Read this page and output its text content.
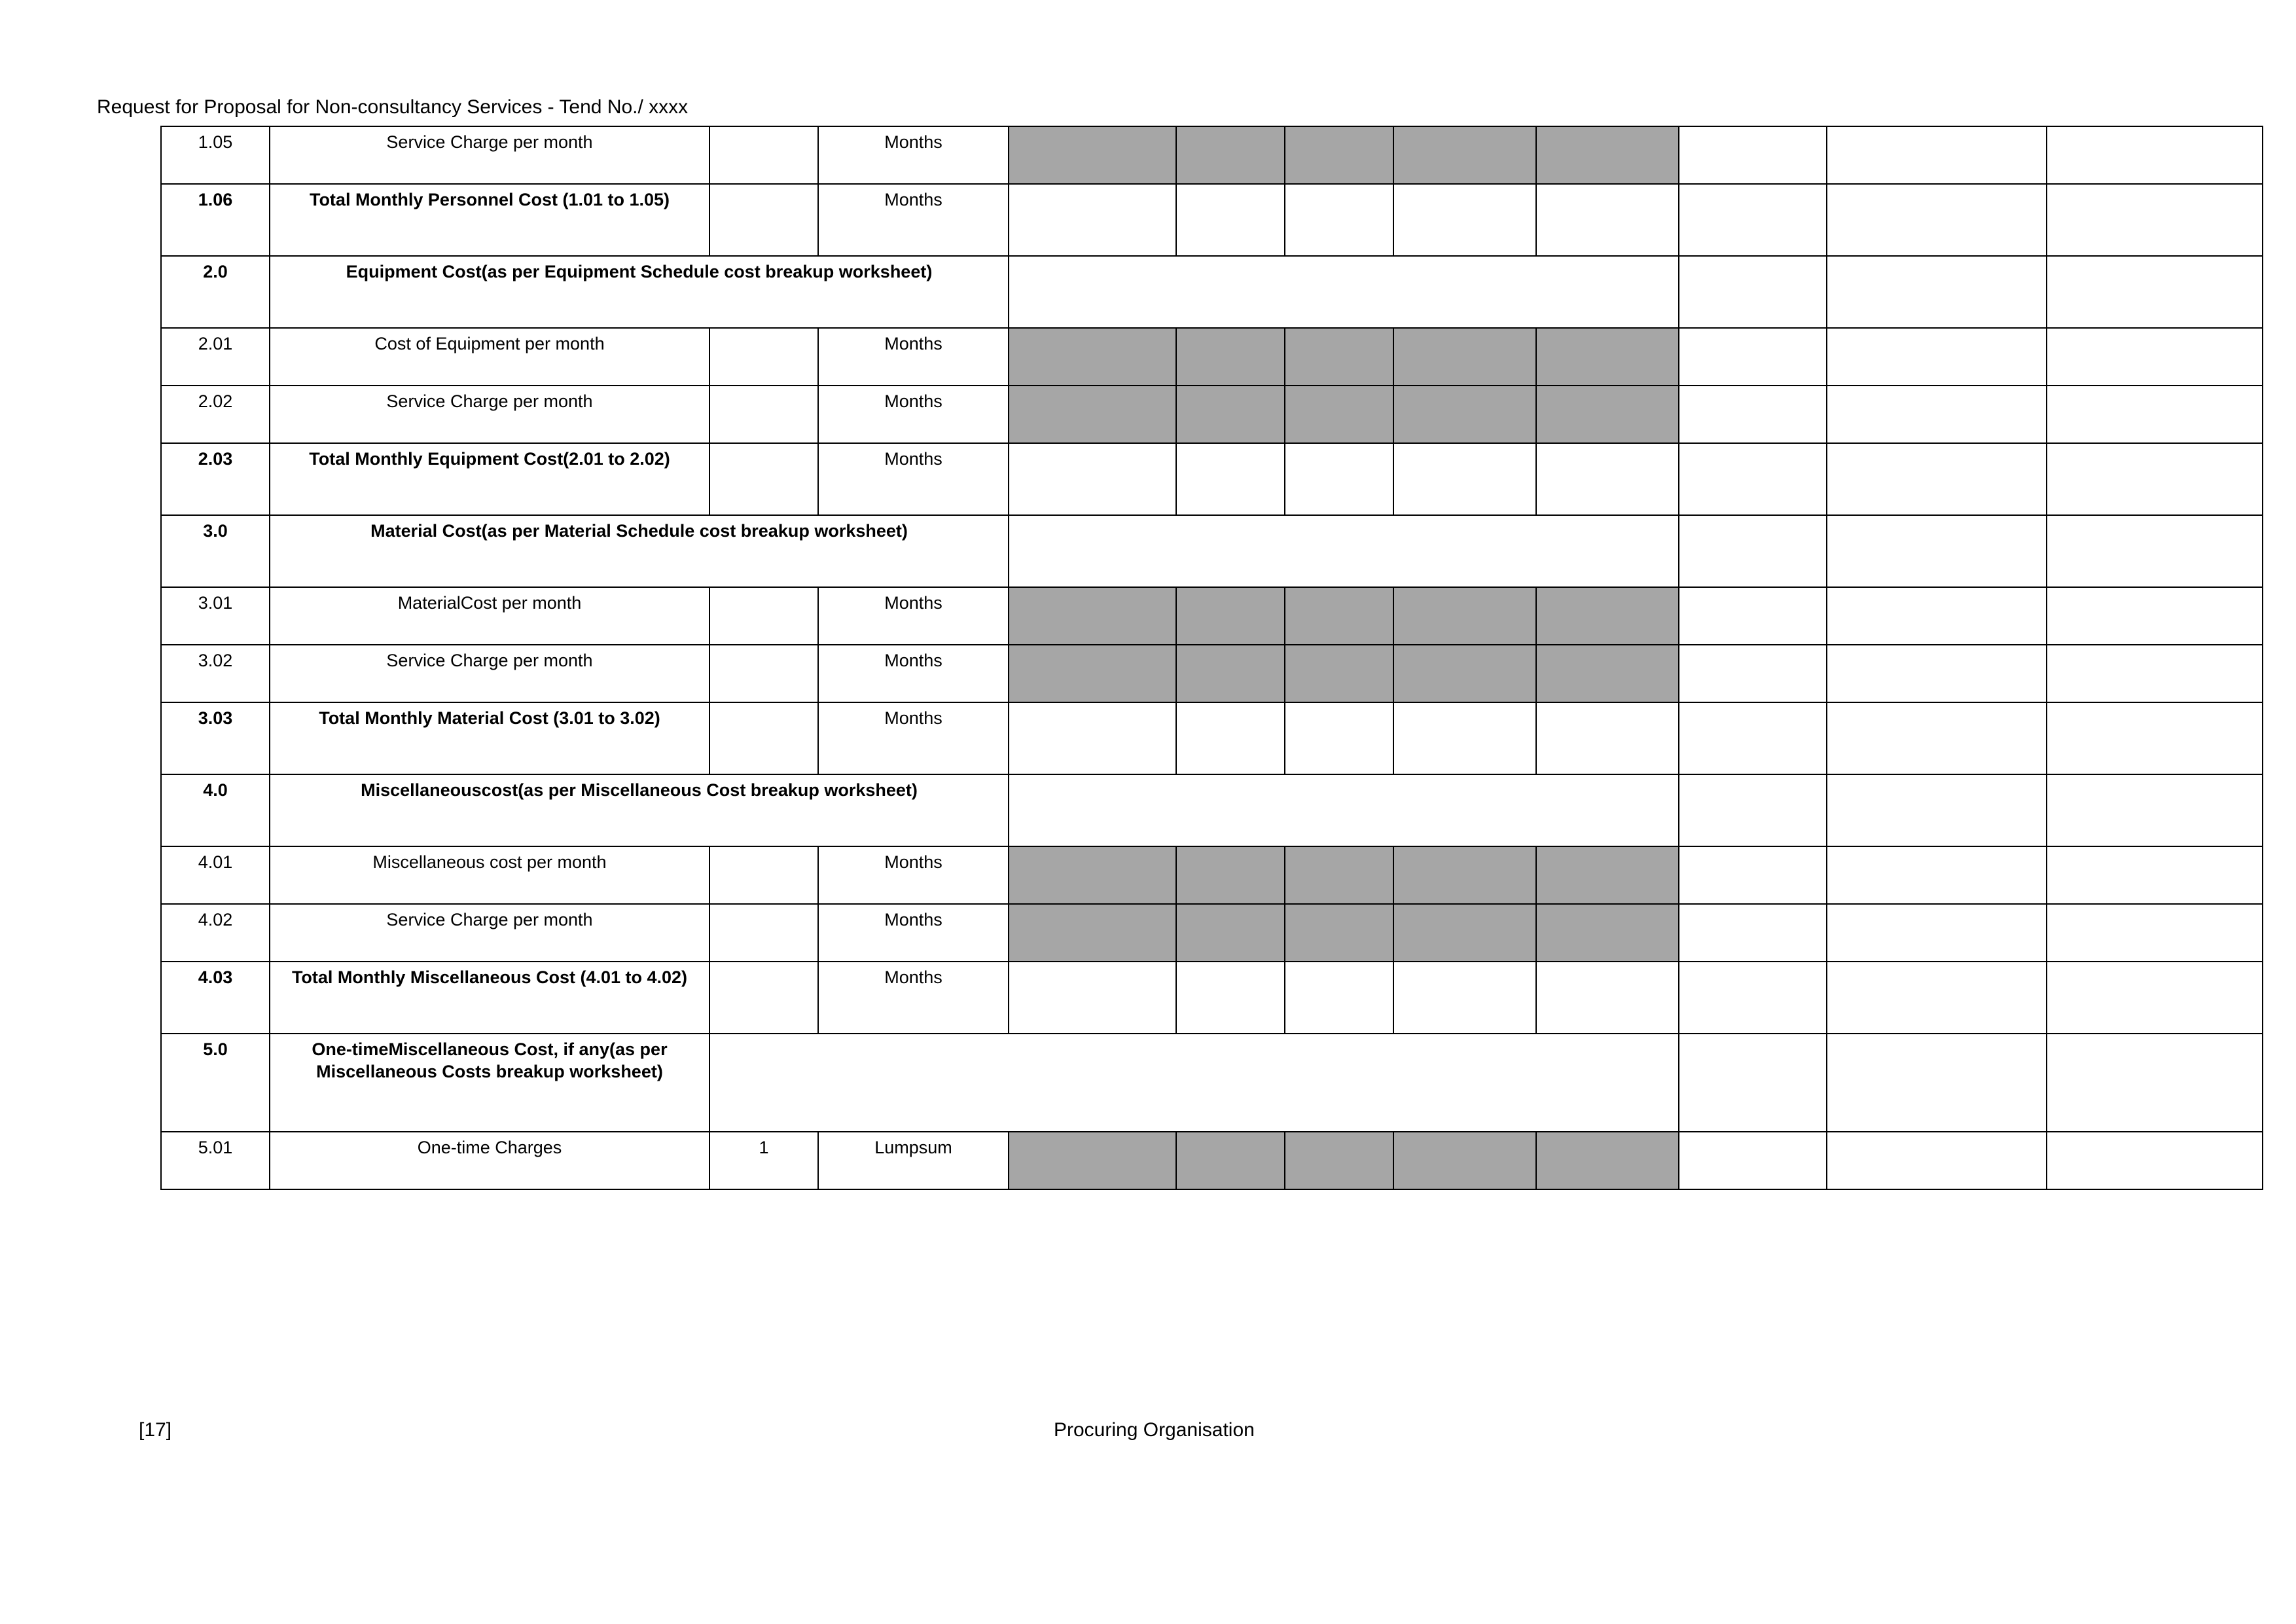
Request for Proposal for Non-consultancy Services - Tend No./ xxxx
1.05	Service Charge per month		Months								
1.06	Total Monthly Personnel Cost (1.01 to 1.05)		Months								
2.0	Equipment Cost(as per Equipment Schedule cost breakup worksheet)										
2.01	Cost of Equipment per month		Months								
2.02	Service Charge per month		Months								
2.03	Total Monthly Equipment Cost(2.01 to 2.02)		Months								
3.0	Material Cost(as per Material Schedule cost breakup worksheet)										
3.01	MaterialCost per month		Months								
3.02	Service Charge per month		Months								
3.03	Total Monthly Material Cost (3.01 to 3.02)		Months								
4.0	Miscellaneouscost(as per Miscellaneous Cost breakup worksheet)										
4.01	Miscellaneous cost per month		Months								
4.02	Service Charge per month		Months								
4.03	Total Monthly Miscellaneous Cost (4.01 to 4.02)		Months								
5.0	One-timeMiscellaneous Cost, if any(as per Miscellaneous Costs breakup worksheet)										
5.01	One-time Charges	1	Lumpsum								
[17]	Procuring Organisation
